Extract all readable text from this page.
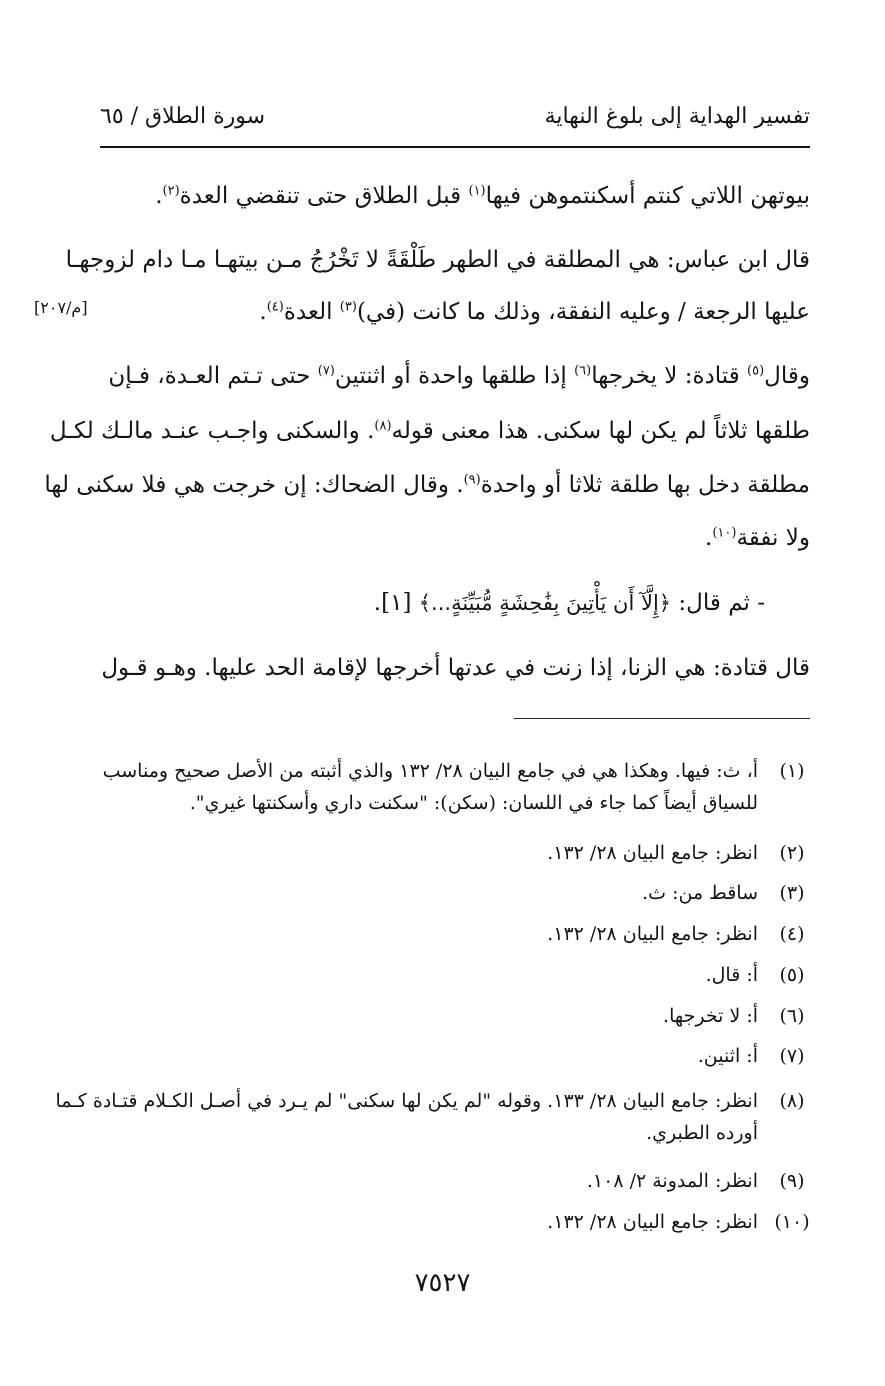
تفسير الهداية إلى بلوغ النهاية
سورة الطلاق / ٦٥
[م/٢٠٧]
بيوتهن اللاتي كنتم أسكنتموهن فيها$^{(١)}$ قبل الطلاق حتى تنقضي العدة$^{(٢)}$.
قال ابن عباس: هي المطلقة في الطهر طَلْقَةً لا تَخْرُجُ مـن بيتهـا مـا دام لزوجهـا
عليها الرجعة / وعليه النفقة، وذلك ما كانت (في)$^{(٣)}$ العدة$^{(٤)}$.
وقال$^{(٥)}$ قتادة: لا يخرجها$^{(٦)}$ إذا طلقها واحدة أو اثنتين$^{(٧)}$ حتى تـتم العـدة، فـإن
طلقها ثلاثاً لم يكن لها سكنى. هذا معنى قوله$^{(٨)}$. والسكنى واجـب عنـد مالـك لكـل
مطلقة دخل بها طلقة ثلاثا أو واحدة$^{(٩)}$. وقال الضحاك: إن خرجت هي فلا سكنى لها
ولا نفقة$^{(١٠)}$.
- ثم قال: ﴿إِلَّآ أَن يَأْتِينَ بِفَٰحِشَةٍ مُّبَيِّنَةٍ...﴾ [١].
قال قتادة: هي الزنا، إذا زنت في عدتها أخرجها لإقامة الحد عليها. وهـو قـول
(١)
أ، ث: فيها. وهكذا هي في جامع البيان ٢٨/ ١٣٢ والذي أثبته من الأصل صحيح ومناسب
للسياق أيضاً كما جاء في اللسان: (سكن): "سكنت داري وأسكنتها غيري".
(٢)
انظر: جامع البيان ٢٨/ ١٣٢.
(٣)
ساقط من: ث.
(٤)
انظر: جامع البيان ٢٨/ ١٣٢.
(٥)
أ: قال.
(٦)
أ: لا تخرجها.
(٧)
أ: اثنين.
(٨)
انظر: جامع البيان ٢٨/ ١٣٣. وقوله "لم يكن لها سكنى" لم يـرد في أصـل الكـلام قتـادة كـما
أورده الطبري.
(٩)
انظر: المدونة ٢/ ١٠٨.
(١٠)
انظر: جامع البيان ٢٨/ ١٣٢.
٧٥٢٧
